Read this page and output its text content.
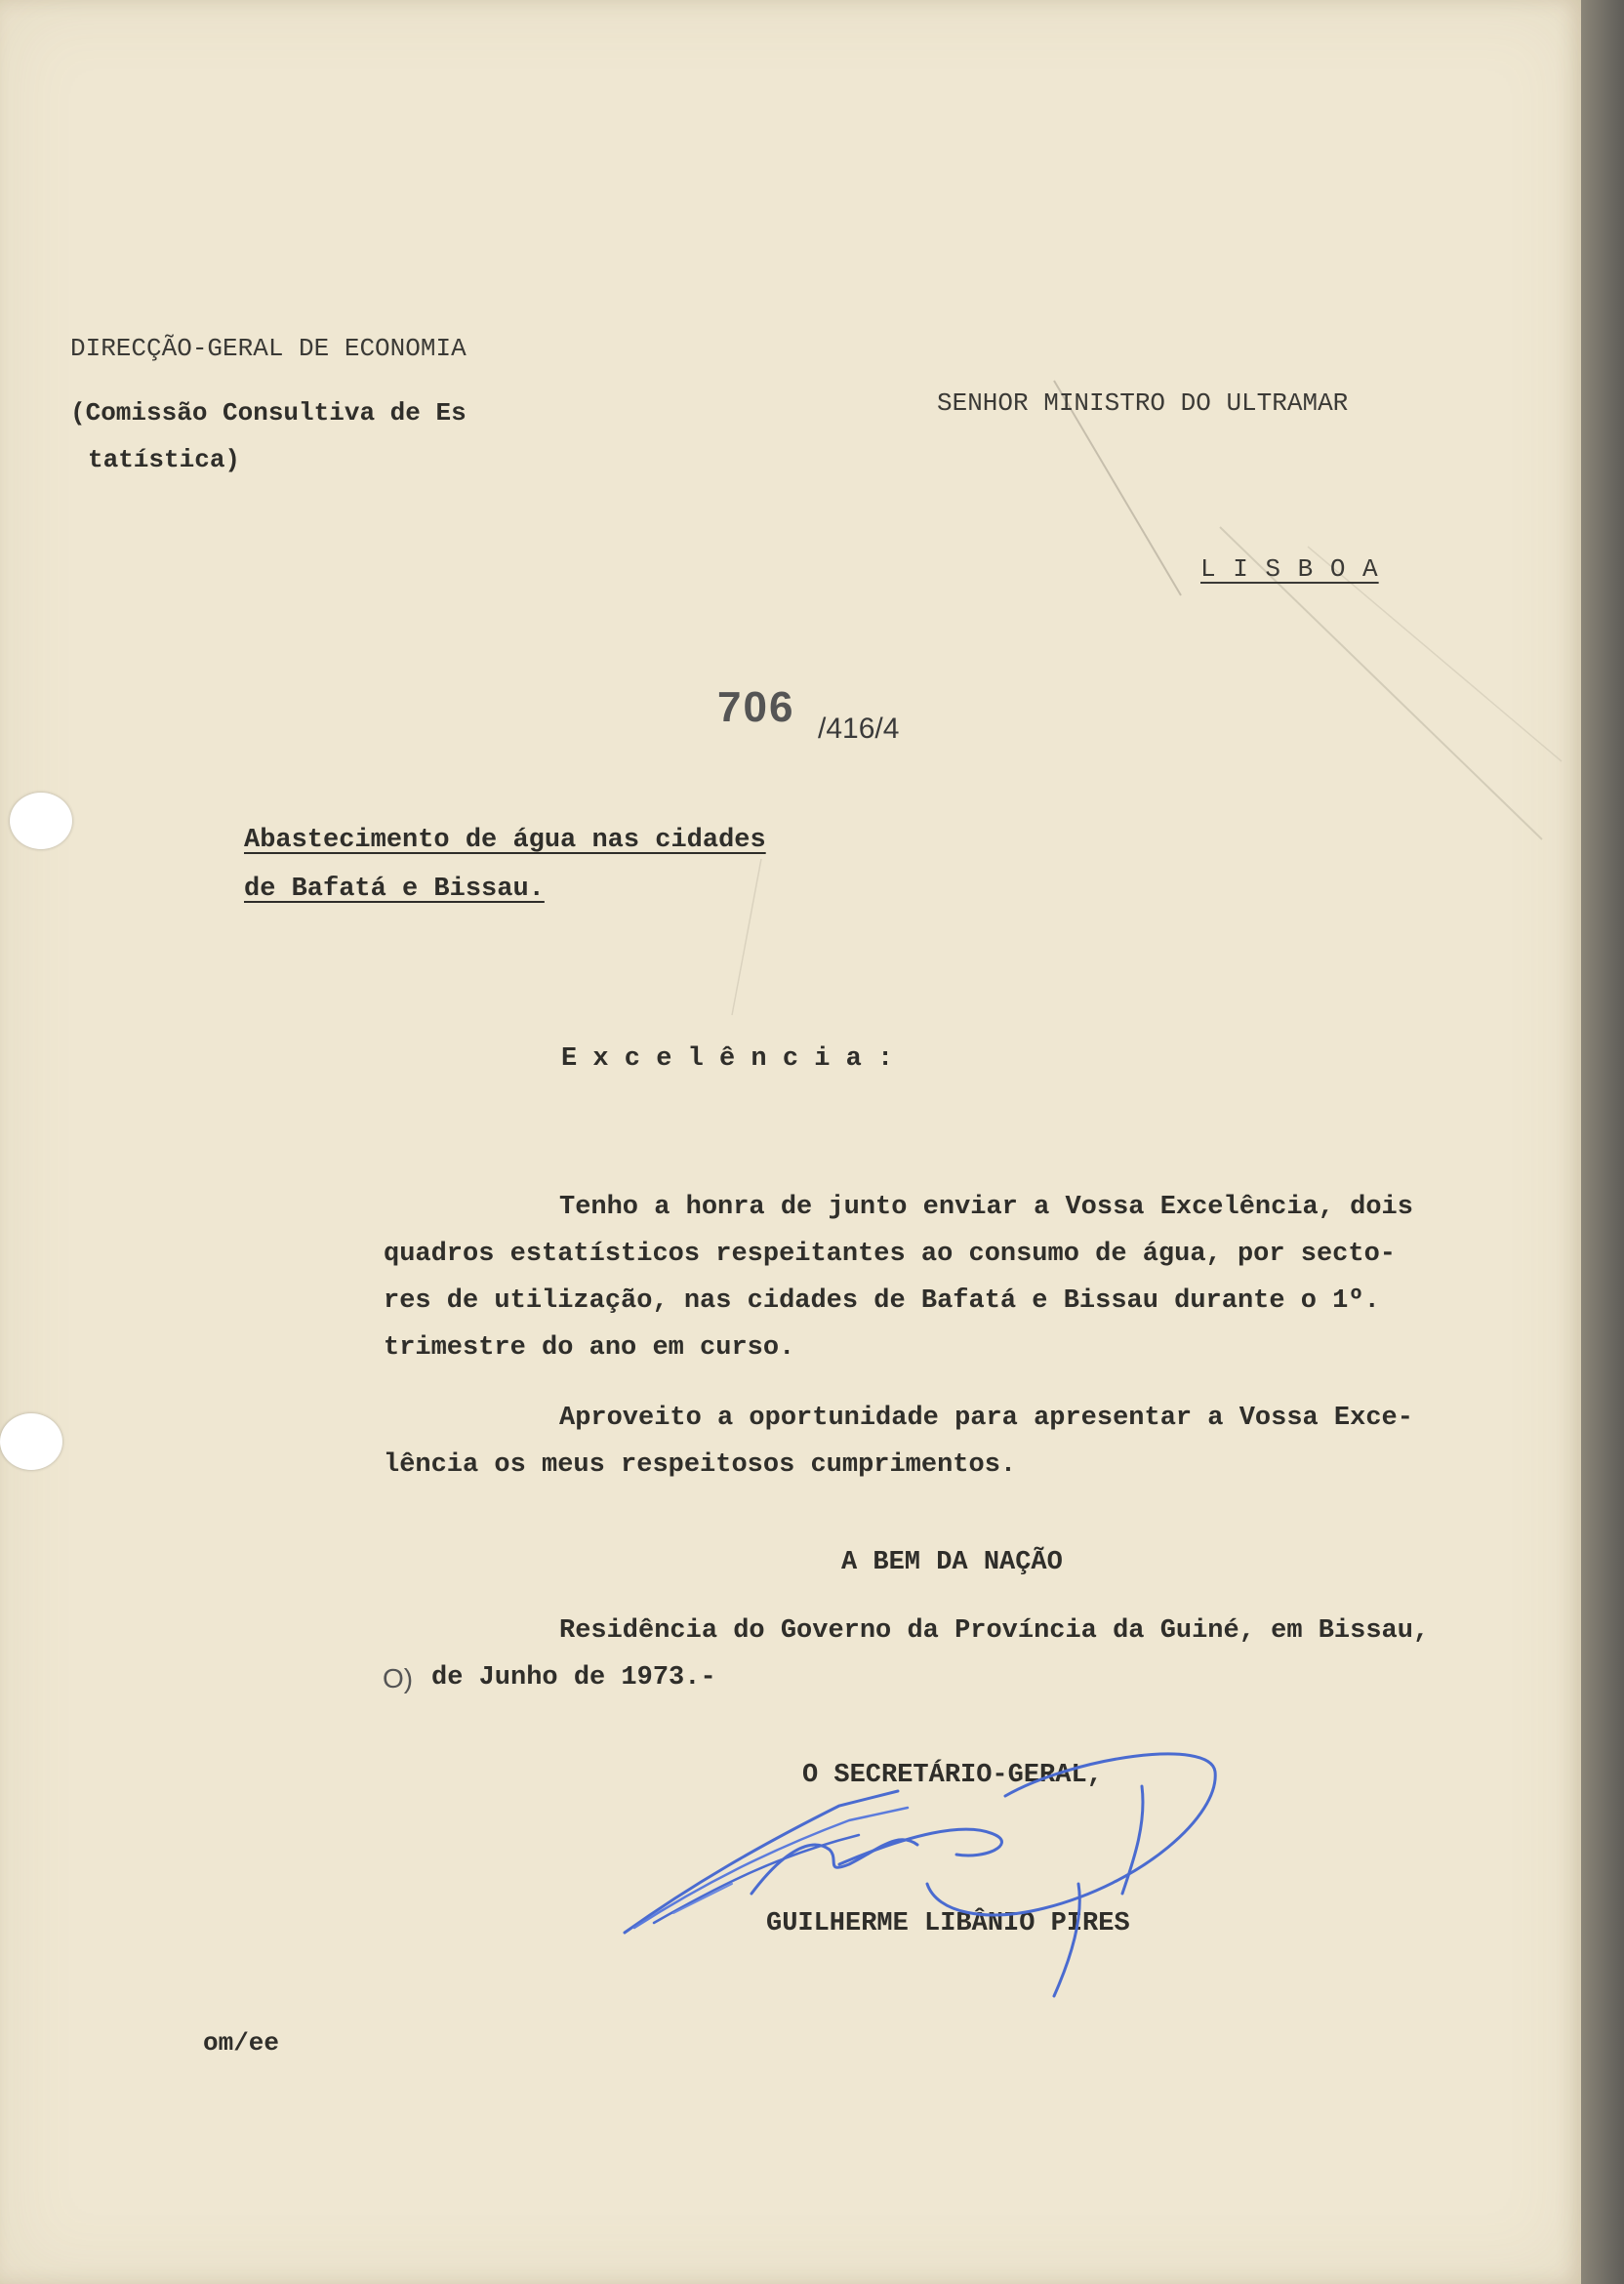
DIRECÇÃO-GERAL DE ECONOMIA
(Comissão Consultiva de Es
tatística)
SENHOR MINISTRO DO ULTRAMAR
L I S B O A
706 /416/4
Abastecimento de água nas cidades
de Bafatá e Bissau.
E x c e l ê n c i a :
Tenho a honra de junto enviar a Vossa Excelência, dois
quadros estatísticos respeitantes ao consumo de água, por secto-
res de utilização, nas cidades de Bafatá e Bissau durante o 1º.
trimestre do ano em curso.
Aproveito a oportunidade para apresentar a Vossa Exce-
lência os meus respeitosos cumprimentos.
A BEM DA NAÇÃO
Residência do Governo da Província da Guiné, em Bissau,
O) de Junho de 1973.-
O SECRETÁRIO-GERAL,
GUILHERME LIBÂNIO PIRES
om/ee
